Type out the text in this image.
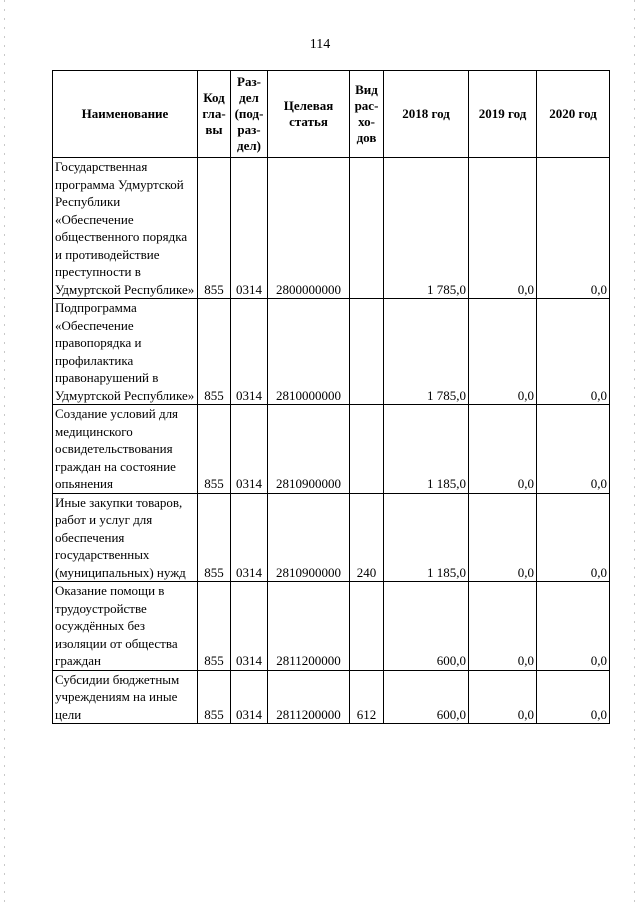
114
Наименование	Код гла-вы	Раз-дел (под-раз-дел)	Целевая статья	Вид рас-хо-дов	2018 год	2019 год	2020 год
Государственная программа Удмуртской Республики «Обеспечение общественного порядка и противодействие преступности в Удмуртской Республике»	855	0314	2800000000		1 785,0	0,0	0,0
Подпрограмма «Обеспечение правопорядка и профилактика правонарушений в Удмуртской Республике»	855	0314	2810000000		1 785,0	0,0	0,0
Создание условий для медицинского освидетельствования граждан на состояние опьянения	855	0314	2810900000		1 185,0	0,0	0,0
Иные закупки товаров, работ и услуг для обеспечения государственных (муниципальных) нужд	855	0314	2810900000	240	1 185,0	0,0	0,0
Оказание помощи в трудоустройстве осуждённых без изоляции от общества граждан	855	0314	2811200000		600,0	0,0	0,0
Субсидии бюджетным учреждениям на иные цели	855	0314	2811200000	612	600,0	0,0	0,0
